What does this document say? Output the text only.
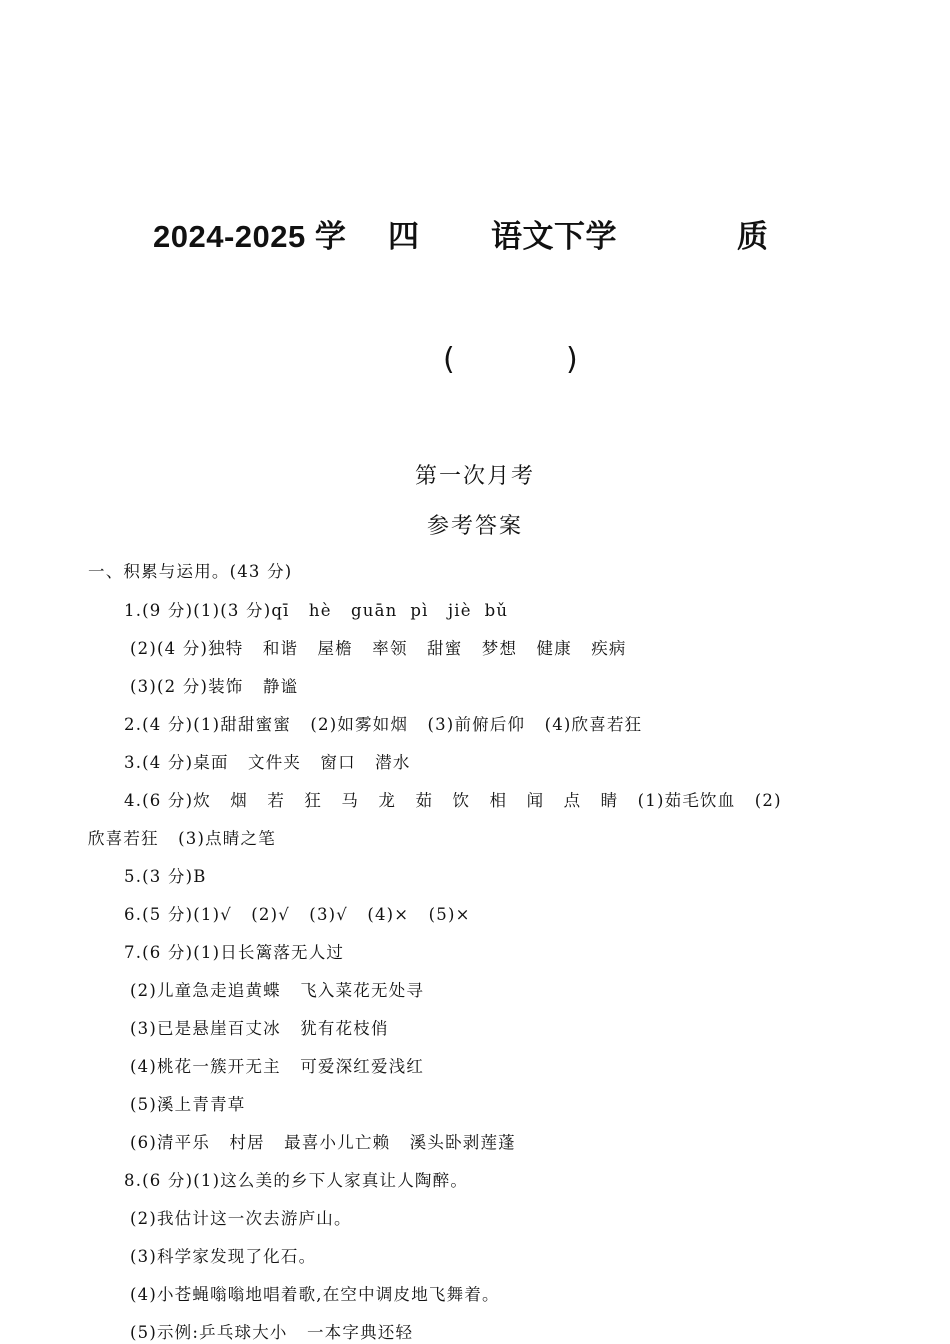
2024-2025 学

四

语文下学

	质

(	)
第一次月考
参考答案
一、积累与运用。(43 分)
1.(9 分)(1)(3 分)qī   hè   guān  pì   jiè  bǔ
(2)(4 分)独特   和谐   屋檐   率领   甜蜜   梦想   健康   疾病
(3)(2 分)装饰   静谧
2.(4 分)(1)甜甜蜜蜜   (2)如雾如烟   (3)前俯后仰   (4)欣喜若狂
3.(4 分)桌面   文件夹   窗口   潜水
4.(6 分)炊   烟   若   狂   马   龙   茹   饮   相   闻   点   睛   (1)茹毛饮血   (2)
欣喜若狂   (3)点睛之笔
5.(3 分)B
6.(5 分)(1)√   (2)√   (3)√   (4)×   (5)×
7.(6 分)(1)日长篱落无人过
(2)儿童急走追黄蝶   飞入菜花无处寻
(3)已是悬崖百丈冰   犹有花枝俏
(4)桃花一簇开无主   可爱深红爱浅红
(5)溪上青青草
(6)清平乐   村居   最喜小儿亡赖   溪头卧剥莲蓬
8.(6 分)(1)这么美的乡下人家真让人陶醉。
(2)我估计这一次去游庐山。
(3)科学家发现了化石。
(4)小苍蝇嗡嗡地唱着歌,在空中调皮地飞舞着。
(5)示例:乒乓球大小   一本字典还轻
